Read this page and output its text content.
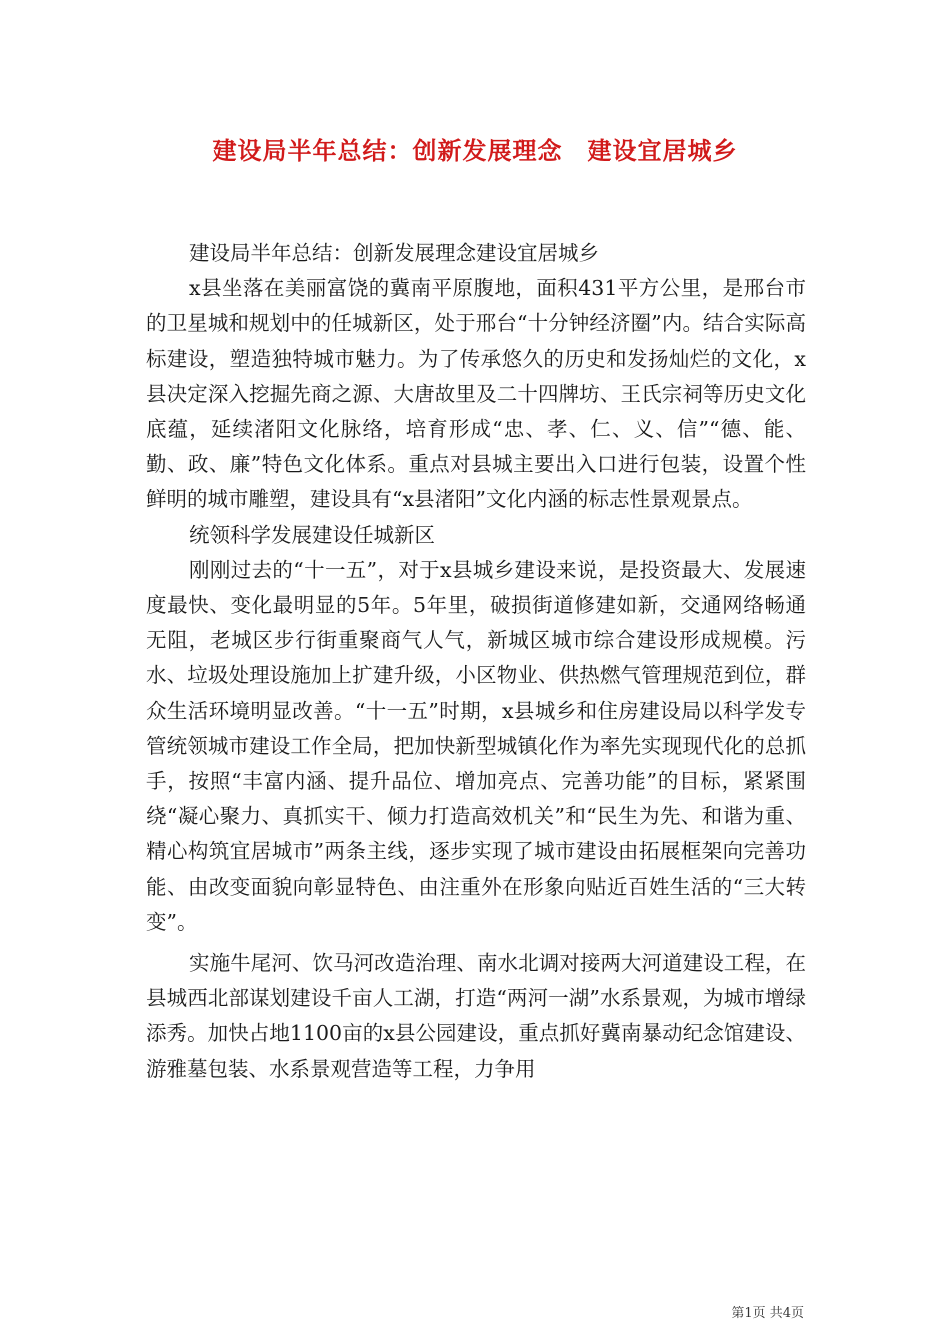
建设局半年总结：创新发展理念　建设宜居城乡

建设局半年总结：创新发展理念建设宜居城乡

x县坐落在美丽富饶的冀南平原腹地，面积431平方公里，是邢台市的卫星城和规划中的任城新区，处于邢台“十分钟经济圈”内。结合实际高标建设，塑造独特城市魅力。为了传承悠久的历史和发扬灿烂的文化，x县决定深入挖掘先商之源、大唐故里及二十四牌坊、王氏宗祠等历史文化底蕴，延续渚阳文化脉络，培育形成“忠、孝、仁、义、信”“德、能、勤、政、廉”特色文化体系。重点对县城主要出入口进行包装，设置个性鲜明的城市雕塑，建设具有“x县渚阳”文化内涵的标志性景观景点。

统领科学发展建设任城新区

刚刚过去的“十一五”，对于x县城乡建设来说，是投资最大、发展速度最快、变化最明显的5年。5年里，破损街道修建如新，交通网络畅通无阻，老城区步行街重聚商气人气，新城区城市综合建设形成规模。污水、垃圾处理设施加上扩建升级，小区物业、供热燃气管理规范到位，群众生活环境明显改善。“十一五”时期，x县城乡和住房建设局以科学发专管统领城市建设工作全局，把加快新型城镇化作为率先实现现代化的总抓手，按照“丰富内涵、提升品位、增加亮点、完善功能”的目标，紧紧围绕“凝心聚力、真抓实干、倾力打造高效机关”和“民生为先、和谐为重、精心构筑宜居城市”两条主线，逐步实现了城市建设由拓展框架向完善功能、由改变面貌向彰显特色、由注重外在形象向贴近百姓生活的“三大转变”。

实施牛尾河、饮马河改造治理、南水北调对接两大河道建设工程，在县城西北部谋划建设千亩人工湖，打造“两河一湖”水系景观，为城市增绿添秀。加快占地1100亩的x县公园建设，重点抓好冀南暴动纪念馆建设、游雅墓包装、水系景观营造等工程，力争用

第1页 共4页
